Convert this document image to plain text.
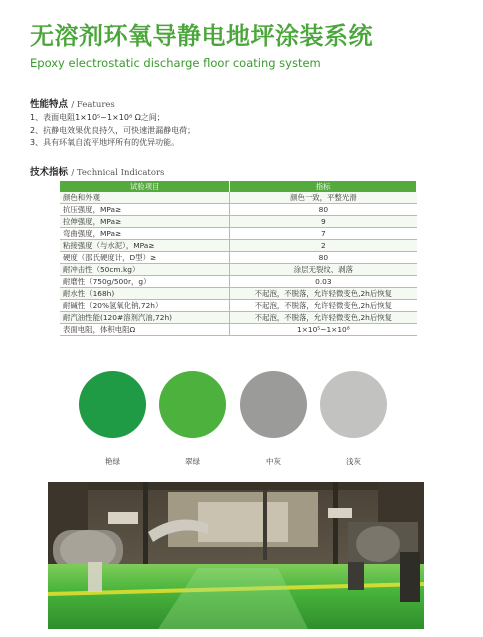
无溶剂环氧导静电地坪涂装系统
Epoxy electrostatic discharge floor coating system
性能特点 / Features
1、表面电阻1×10⁵~1×10⁸ Ω之间；
2、抗静电效果优良持久，可快速泄漏静电荷；
3、具有环氧自流平地坪所有的优异功能。
技术指标 / Technical Indicators
试验项目	指标
颜色和外观	颜色一致，平整光滑
抗压强度，MPa≥	80
拉伸强度，MPa≥	9
弯曲强度，MPa≥	7
粘接强度（与水泥），MPa≥	2
硬度（邵氏硬度计，D型）≥	80
耐冲击性（50cm.kg）	涂层无裂纹、剥落
耐磨性（750g/500r，g）	0.03
耐水性（168h)	不起泡，不脱落，允许轻微变色,2h后恢复
耐碱性（20%氢氧化钠,72h）	不起泡，不脱落，允许轻微变色,2h后恢复
耐汽油性能(120#溶剂汽油,72h)	不起泡，不脱落，允许轻微变色,2h后恢复
表面电阻，体积电阻Ω	1×10⁵~1×10⁸
艳绿	翠绿	中灰	浅灰
